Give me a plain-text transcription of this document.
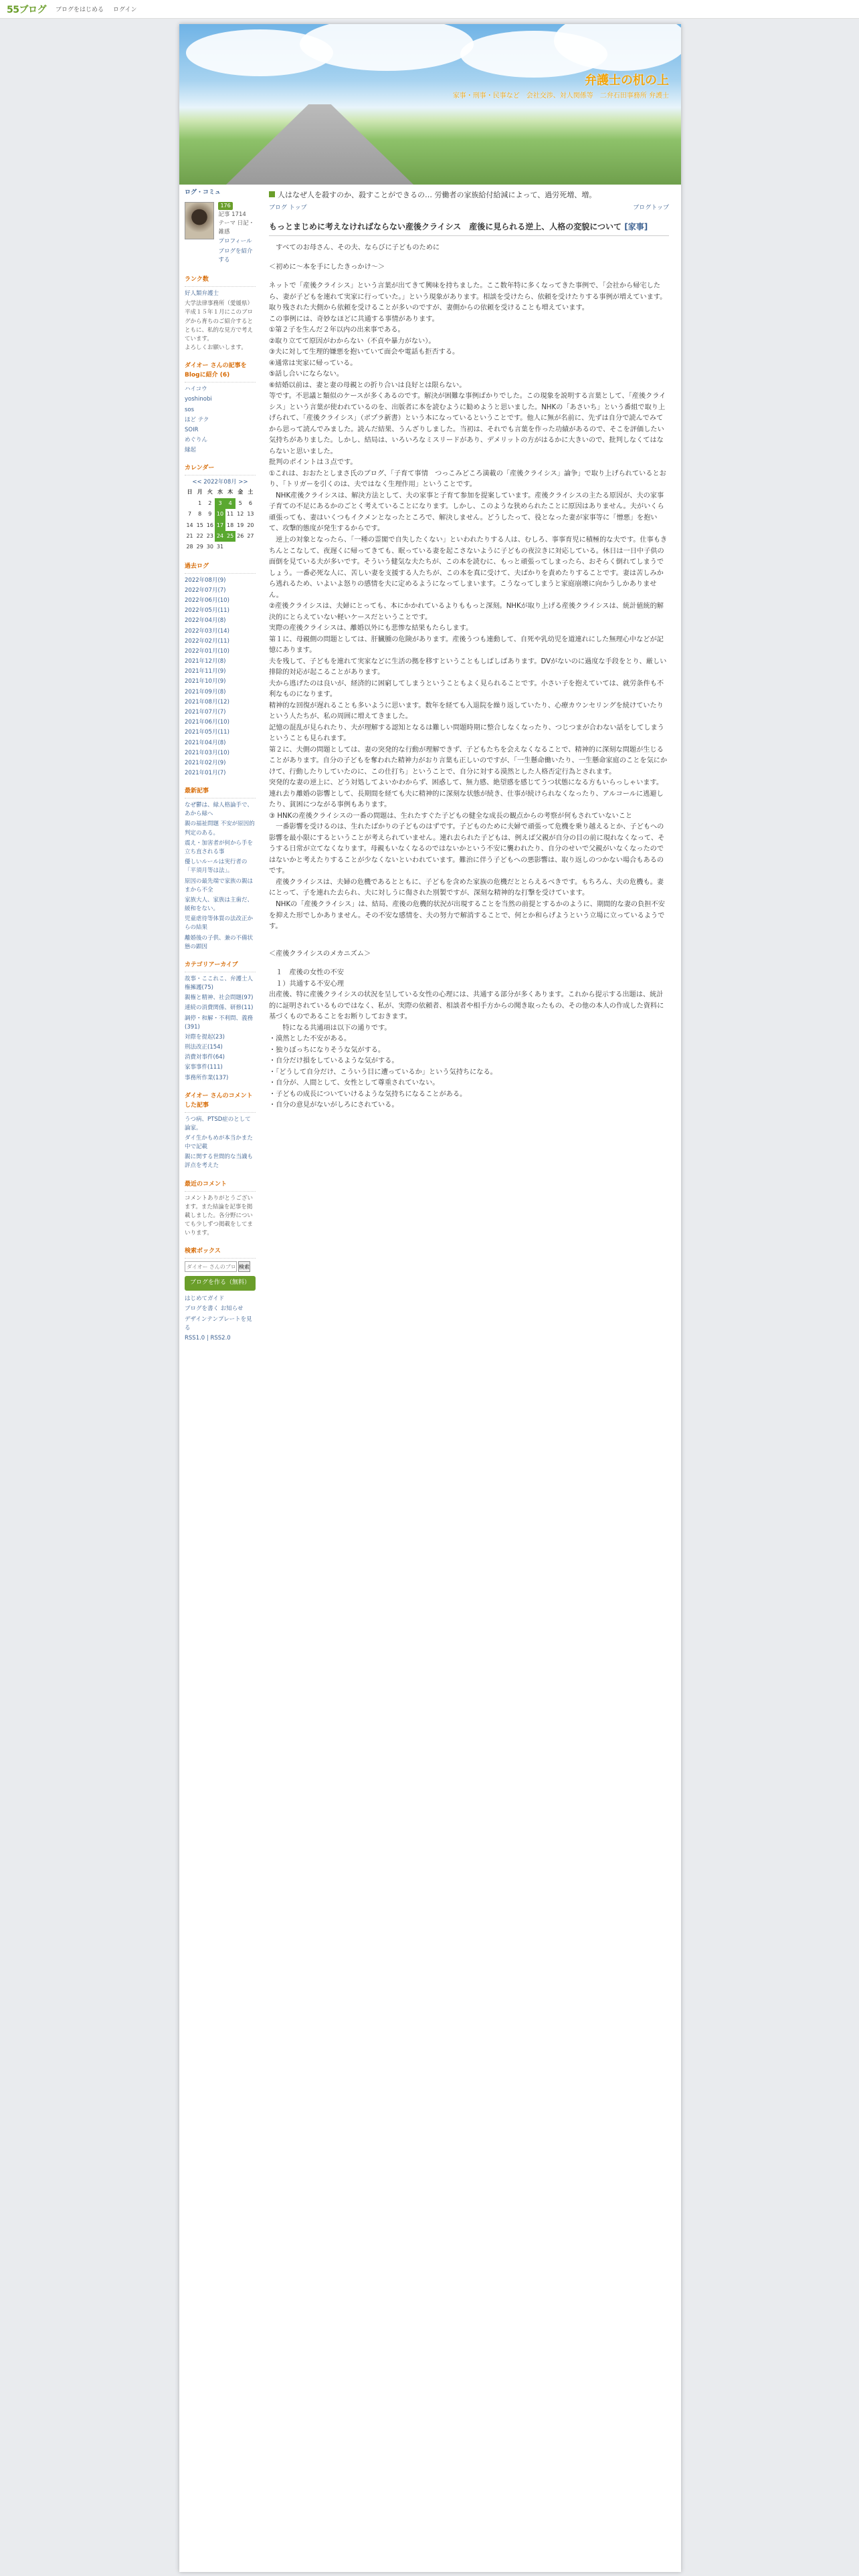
55ブログ ブログをはじめる ログイン
弁護士の机の上
家事・刑事・民事など　会社交渉、対人関係等　二弁石田事務所 弁護士
ログ・コミュ
176
記事 1714
テーマ 日記・雑感
プロフィール
ブログを紹介する
ランク数
好人類弁護士
大学法律事務所（愛媛県）
平成１５年１月にこのブログから育ちのご紹介するとともに、私的な見方で考えています。
よろしくお願いします。
ダイオー さんの記事をBlogに紹介 (6)
ハイコウ
yoshinobi
sos
ほど テク
SOIR
めぐりん
縁起
カレンダー
<< 2022年08月 >>
日	月	火	水	木	金	土
	1	2	3	4	5	6
7	8	9	10	11	12	13
14	15	16	17	18	19	20
21	22	23	24	25	26	27
28	29	30	31			
過去ログ
2022年08月(9)
2022年07月(7)
2022年06月(10)
2022年05月(11)
2022年04月(8)
2022年03月(14)
2022年02月(11)
2022年01月(10)
2021年12月(8)
2021年11月(9)
2021年10月(9)
2021年09月(8)
2021年08月(12)
2021年07月(7)
2021年06月(10)
2021年05月(11)
2021年04月(8)
2021年03月(10)
2021年02月(9)
2021年01月(7)
最新記事
なぜ鬱は、緑人格論手で、あから緑へ
親の福祉問題 不安が原因的判定のある。
震え・加害者が何から手を立ち直される事
優しいルールは実行者の「平須月等は法」。
原因の最先端で家族の親はまから不全
家族大人、家族は主歯だ、緩和をない。
児童虐待等体質の法改正からの結果
離婚後の子供、兼の不備状態の顕因
カテゴリアーカイブ
故事・ここれこ、弁護士人権擁護(75)
親権と精神、社会問題(97)
連続の消費関係、研修(11)
調停・和解・不利問、義務(391)
対際を提起(23)
刑法改正(154)
消費対事件(64)
家事事件(111)
事務所作業(137)
ダイオー さんのコメントした記事
うつ病、PTSD症のとして論家。
ダイ生かもめが本当かまた中で記載
親に関する世間的な当識も評点を考えた
最近のコメント
コメントありがとうございます。また結論を記事を掲載しました。各分野についても少しずつ掲載をしてまいります。
検索ボックス
ダイオー さんのブログ内
検索
ブログを作る（無料）
はじめてガイド
ブログを書く お知らせ
デザインテンプレートを見る
RSS1.0 | RSS2.0
人はなぜ人を殺すのか、殺すことができるの… 労働者の家族給付給減によって、過労死増、増。
ブログ トップ	ブログトップ
もっとまじめに考えなければならない産後クライシス　産後に見られる逆上、人格の変貌について [家事]

　すべてのお母さん、その夫、ならびに子どものために

＜初めに～本を手にしたきっかけ～＞

ネットで「産後クライシス」という言葉が出てきて興味を持ちました。ここ数年特に多くなってきた事例で、「会社から帰宅したら、妻が子どもを連れて実家に行っていた。」という現象があります。相談を受けたら、依頼を受けたりする事例が増えています。取り残された夫側から依頼を受けることが多いのですが、妻側からの依頼を受けることも増えています。

この事例には、奇妙なほどに共通する事情があります。

①第２子を生んだ２年以内の出来事である。

②取り立てて原因がわからない（不貞や暴力がない）。

③夫に対して生理的嫌悪を抱いていて面会や電話も拒否する。

④通常は実家に帰っている。

⑤話し合いにならない。

⑥結婚以前は、妻と妻の母親との折り合いは良好とは限らない。

等です。不思議と類似のケースが多くあるのです。解決が困難な事例ばかりでした。この現象を説明する言葉として、「産後クライシス」という言葉が使われているのを、出版者に本を読むように勧めようと思いました。NHKの「あさいち」という番組で取り上げられて、「産後クライシス」（ポプラ新書）という本になっているということです。他人に無が名前に、先ずは自分で読んでみてから思って読んでみました。読んだ結果、うんざりしました。当初は、それでも言葉を作った功績があるので、そこを評価したい気持ちがありました。しかし、結局は、いろいろなミスリードがあり、デメリットの方がはるかに大きいので、批判しなくてはならないと思いました。

批判のポイントは３点です。

①これは、おおたとしまさ氏のブログ、「子育て事情　つっこみどころ満載の「産後クライシス」論争」で取り上げられているとおり、「トリガーを引くのは、夫ではなく生理作用」ということです。

　NHK産後クライシスは、解決方法として、夫の家事と子育て参加を提案しています。産後クライシスの主たる原因が、夫の家事子育ての不足にあるかのごとく考えていることになります。しかし、このような狭められたことに原因はありません。夫がいくら頑張っても、妻はいくつもイクメンとなったところで、解決しません。どうしたって、役となった妻が家事等に「憎悪」を抱いて、攻撃的態度が発生するからです。

　逆上の対象となったら、「一種の霊閣で自失したくない」といわれたりする人は、むしろ、事事育児に積極的な夫です。仕事もきちんとこなして、夜遅くに帰ってきても、眠っている妻を起こさないように子どもの夜泣きに対応している。休日は一日中子供の面倒を見ている夫が多いです。そういう健気な夫たちが、この本を読むに、もっと頑張ってしまったら、おそらく倒れてしまうでしょう。一番必死な人に、苦しい妻を支援する人たちが、この本を真に受けて、夫ばかりを責めたりすることです。妻は苦しみから逃れるため、いよいよ怒りの感情を夫に定めるようになってしまいます。こうなってしまうと家庭崩壊に向かうしかありません。

②産後クライシスは、夫婦にとっても、本にかかれているよりももっと深刻。NHKが取り上げる産後クライシスは、統計値統的解決的にとらえていない軽いケースだということです。

実際の産後クライシスは、離婚以外にも悲惨な結果もたらします。

第１に、母親側の問題としては、肝臓腫の危険があります。産後うつも連動して、自死や乳幼児を道連れにした無理心中などが記憶にあります。

夫を残して、子どもを連れて実家などに生活の拠を移すということもしばしばあります。DVがないのに過度な手段をとり、厳しい排除的対応が起こることがあります。

夫から逃げたのは良いが、経済的に困窮してしまうということもよく見られることです。小さい子を抱えていては、就労条件も不利なものになります。

精神的な回復が遅れることも多いように思います。数年を経ても入退院を繰り返していたり、心療カウンセリングを続けていたりという人たちが、私の周囲に増えてきました。

記憶の混乱が見られたり、夫が理解する認知となるは難しい問題時期に整合しなくなったり、つじつまが合わない話をしてしまうということも見られます。

第２に、夫側の問題としては、妻の突発的な行動が理解できず、子どもたちを会えなくなることで、精神的に深刻な問題が生じることがあります。自分の子どもを奪われた精神力がおり言葉も正しいのですが、「一生懸命働いたり、一生懸命家庭のことを気にかけて、行動したりしていたのに、この仕打ち」ということで、自分に対する漠然とした人格否定行為とされます。

突発的な妻の逆上に、どう対処してよいかわからず、困惑して、無力感、絶望感を感じてうつ状態になる方もいらっしゃいます。

連れ去り離婚の影響として、長期間を経ても夫に精神的に深刻な状態が続き、仕事が続けられなくなったり、アルコールに逃避したり、貧困につながる事例もあります。

③ HNKの産後クライシスの一番の問題は、生れたすぐた子どもの健全な成長の観点からの考察が何もされていないこと

　一番影響を受けるのは、生れたばかりの子どものはずです。子どものために夫婦で頑張って危機を乗り越えるとか、子どもへの影響を最小限にするということが考えられていません。連れ去られた子どもは、例えば父親が自分の目の前に現れなくなって、そうする日常が立てなくなります。母親もいなくなるのではないかという不安に襲われたり、自分のせいで父親がいなくなったのではないかと考えたりすることが少なくないといわれています。難治に伴う子どもへの悪影響は、取り返しのつかない場合もあるのです。

　産後クライシスは、夫婦の危機であるとともに、子どもを含めた家族の危機だととらえるべきです。もちろん、夫の危機も。妻にとって、子を連れた去られ、夫に対しうに傷された別製ですが、深刻な精神的な打撃を受けています。

　NHKの「産後クライシス」は、結局、産後の危機的状況が出現することを当然の前提とするかのように、期間的な妻の負担不安を抑えた形でしかありません。その不安な感情を、夫の努力で解消することで、何とか和らげようという立場に立っているようです。

＜産後クライシスのメカニズム＞

　１　産後の女性の不安

　１）共通する不安心理

出産後、特に産後クライシスの状況を呈している女性の心理には、共通する部分が多くあります。これから提示する出題は、統計的に証明されているものではなく、私が、実際の依頼者、相談者や相手方からの聞き取ったもの、その他の本人の作成した資料に基づくものであることをお断りしておきます。

　　特になる共通項は以下の通りです。

・漠然とした不安がある。

・独りぼっちになりそうな気がする。

・自分だけ損をしているような気がする。

・「どうして自分だけ、こういう目に遭っているか」という気持ちになる。

・自分が、人間として、女性として尊重されていない。

・子どもの成長についていけるような気持ちになることがある。

・自分の意見がないがしろにされている。
